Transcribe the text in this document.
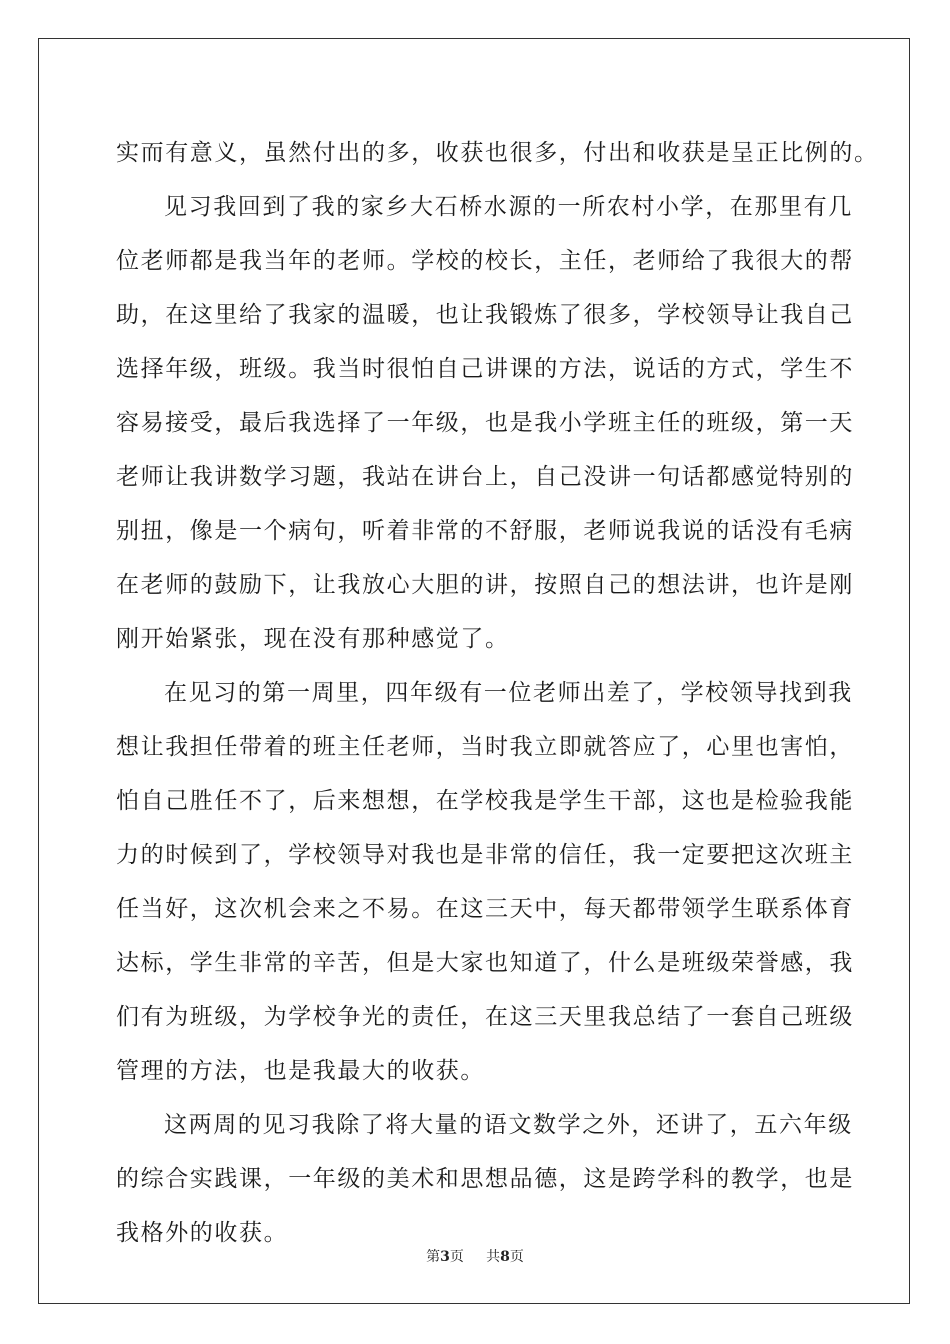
实而有意义，虽然付出的多，收获也很多，付出和收获是呈正比例的。
见习我回到了我的家乡大石桥水源的一所农村小学，在那里有几
位老师都是我当年的老师。学校的校长，主任，老师给了我很大的帮
助，在这里给了我家的温暖，也让我锻炼了很多，学校领导让我自己
选择年级，班级。我当时很怕自己讲课的方法，说话的方式，学生不
容易接受，最后我选择了一年级，也是我小学班主任的班级，第一天
老师让我讲数学习题，我站在讲台上，自己没讲一句话都感觉特别的
别扭，像是一个病句，听着非常的不舒服，老师说我说的话没有毛病
在老师的鼓励下，让我放心大胆的讲，按照自己的想法讲，也许是刚
刚开始紧张，现在没有那种感觉了。
在见习的第一周里，四年级有一位老师出差了，学校领导找到我
想让我担任带着的班主任老师，当时我立即就答应了，心里也害怕，
怕自己胜任不了，后来想想，在学校我是学生干部，这也是检验我能
力的时候到了，学校领导对我也是非常的信任，我一定要把这次班主
任当好，这次机会来之不易。在这三天中，每天都带领学生联系体育
达标，学生非常的辛苦，但是大家也知道了，什么是班级荣誉感，我
们有为班级，为学校争光的责任，在这三天里我总结了一套自己班级
管理的方法，也是我最大的收获。
这两周的见习我除了将大量的语文数学之外，还讲了，五六年级
的综合实践课，一年级的美术和思想品德，这是跨学科的教学，也是
我格外的收获。
第3页 共8页
